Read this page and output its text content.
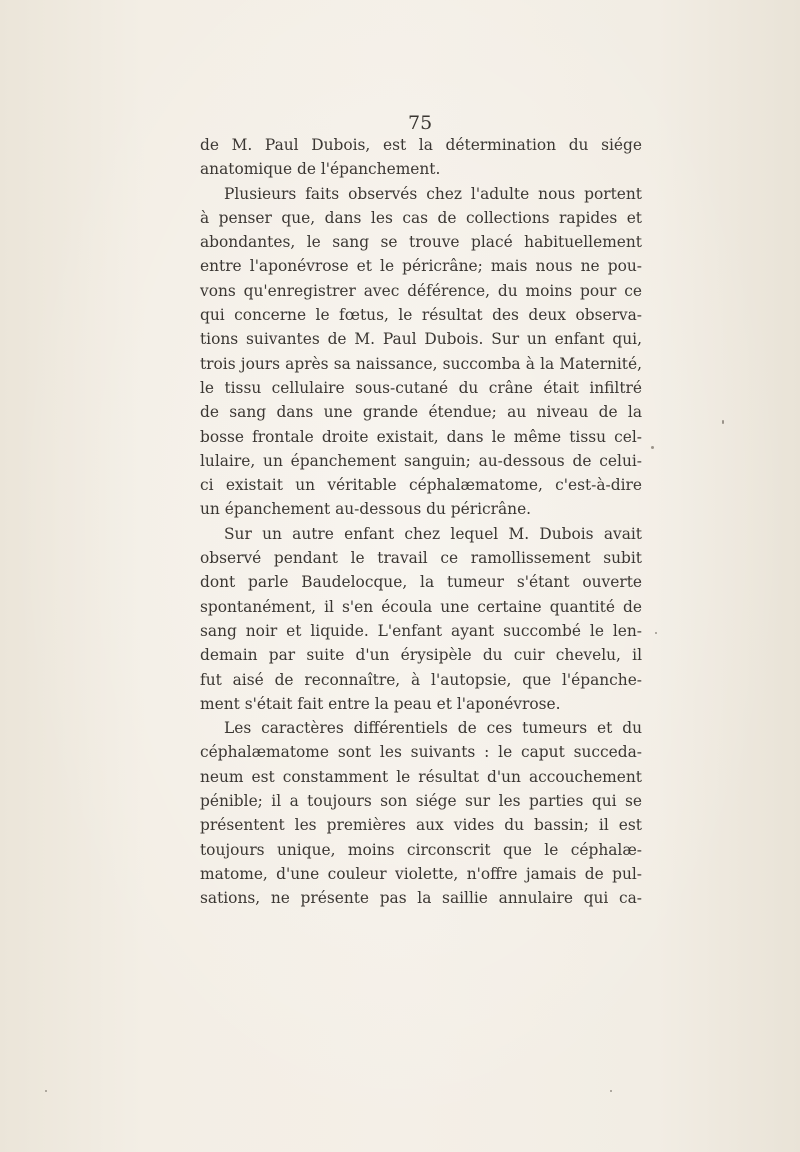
75
de M. Paul Dubois, est la détermination du siége
anatomique de l'épanchement.
Plusieurs faits observés chez l'adulte nous portent
à penser que, dans les cas de collections rapides et
abondantes, le sang se trouve placé habituellement
entre l'aponévrose et le péricrâne; mais nous ne pou-
vons qu'enregistrer avec déférence, du moins pour ce
qui concerne le fœtus, le résultat des deux observa-
tions suivantes de M. Paul Dubois. Sur un enfant qui,
trois jours après sa naissance, succomba à la Maternité,
le tissu cellulaire sous-cutané du crâne était infiltré
de sang dans une grande étendue; au niveau de la
bosse frontale droite existait, dans le même tissu cel-
lulaire, un épanchement sanguin; au-dessous de celui-
ci existait un véritable céphalæmatome, c'est-à-dire
un épanchement au-dessous du péricrâne.
Sur un autre enfant chez lequel M. Dubois avait
observé pendant le travail ce ramollissement subit
dont parle Baudelocque, la tumeur s'étant ouverte
spontanément, il s'en écoula une certaine quantité de
sang noir et liquide. L'enfant ayant succombé le len-
demain par suite d'un érysipèle du cuir chevelu, il
fut aisé de reconnaître, à l'autopsie, que l'épanche-
ment s'était fait entre la peau et l'aponévrose.
Les caractères différentiels de ces tumeurs et du
céphalæmatome sont les suivants : le caput succeda-
neum est constamment le résultat d'un accouchement
pénible; il a toujours son siége sur les parties qui se
présentent les premières aux vides du bassin; il est
toujours unique, moins circonscrit que le céphalæ-
matome, d'une couleur violette, n'offre jamais de pul-
sations, ne présente pas la saillie annulaire qui ca-
